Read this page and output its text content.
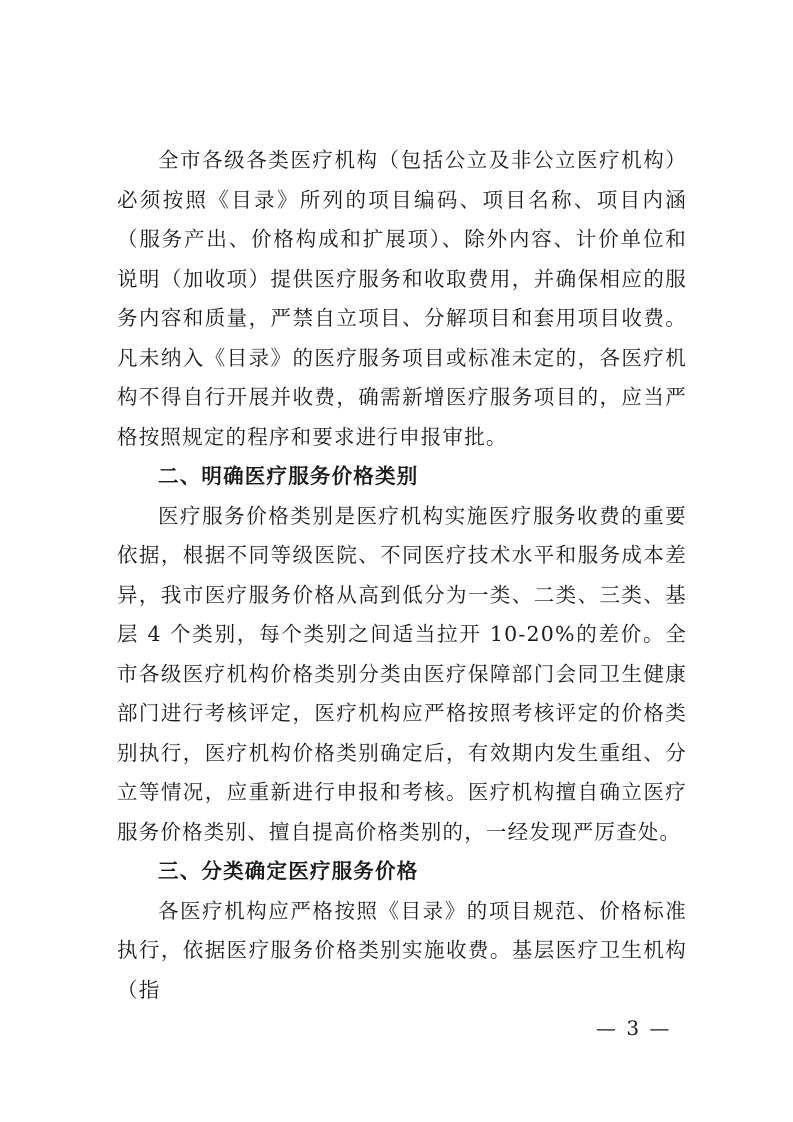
全市各级各类医疗机构（包括公立及非公立医疗机构）必须按照《目录》所列的项目编码、项目名称、项目内涵（服务产出、价格构成和扩展项）、除外内容、计价单位和说明（加收项）提供医疗服务和收取费用，并确保相应的服务内容和质量，严禁自立项目、分解项目和套用项目收费。凡未纳入《目录》的医疗服务项目或标准未定的，各医疗机构不得自行开展并收费，确需新增医疗服务项目的，应当严格按照规定的程序和要求进行申报审批。

二、明确医疗服务价格类别

医疗服务价格类别是医疗机构实施医疗服务收费的重要依据，根据不同等级医院、不同医疗技术水平和服务成本差异，我市医疗服务价格从高到低分为一类、二类、三类、基层 4 个类别，每个类别之间适当拉开 10-20%的差价。全市各级医疗机构价格类别分类由医疗保障部门会同卫生健康部门进行考核评定，医疗机构应严格按照考核评定的价格类别执行，医疗机构价格类别确定后，有效期内发生重组、分立等情况，应重新进行申报和考核。医疗机构擅自确立医疗服务价格类别、擅自提高价格类别的，一经发现严厉查处。

三、分类确定医疗服务价格

各医疗机构应严格按照《目录》的项目规范、价格标准执行，依据医疗服务价格类别实施收费。基层医疗卫生机构（指

— 3 —
